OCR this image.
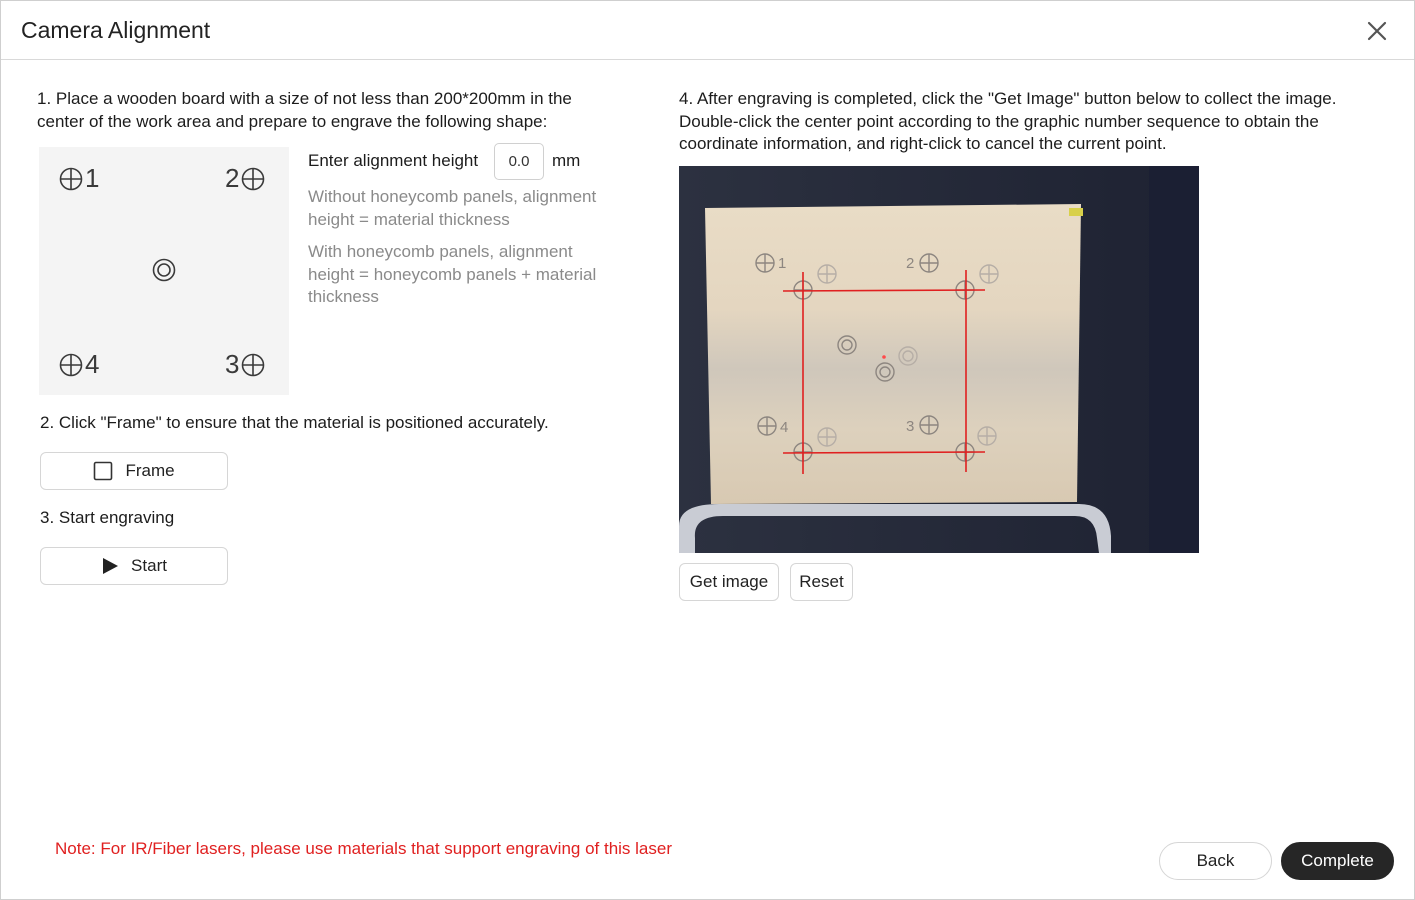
Camera Alignment
1. Place a wooden board with a size of not less than 200*200mm in the
center of the work area and prepare to engrave the following shape:
1	2
4	3
Enter alignment height
0.0	mm
Without honeycomb panels, alignment
height = material thickness
With honeycomb panels, alignment
height = honeycomb panels + material
thickness
2. Click "Frame" to ensure that the material is positioned accurately.
Frame
3. Start engraving
Start
4. After engraving is completed, click the "Get Image" button below to collect the image.
Double-click the center point according to the graphic number sequence to obtain the
coordinate information, and right-click to cancel the current point.
1	2
3
4
Get image Reset
Note: For IR/Fiber lasers, please use materials that support engraving of this laser
Back	Complete
